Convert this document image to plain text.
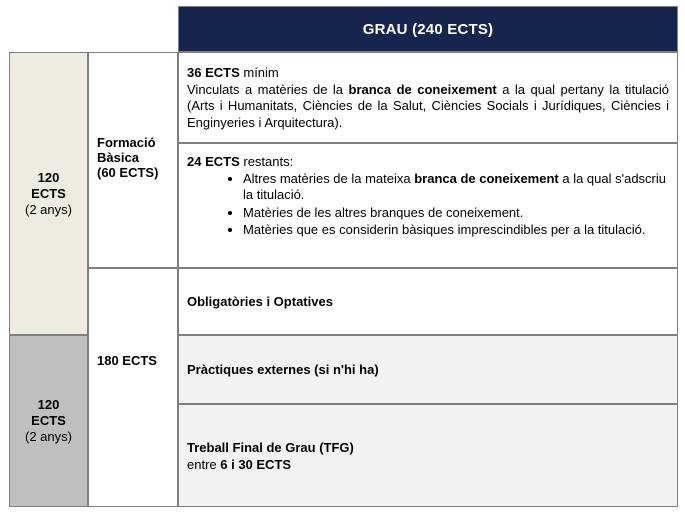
GRAU (240 ECTS)
120
ECTS
(2 anys)
120
ECTS
(2 anys)
Formació
Bàsica
(60 ECTS)
180 ECTS
36 ECTS mínim
Vinculats a matèries de la branca de coneixement a la qual pertany la titulació (Arts i Humanitats, Ciències de la Salut, Ciències Socials i Jurídiques, Ciències i Enginyeries i Arquitectura).
24 ECTS restants:
• Altres matèries de la mateixa branca de coneixement a la qual s'adscriu la titulació.
• Matèries de les altres branques de coneixement.
• Matèries que es considerin bàsiques imprescindibles per a la titulació.
Obligatòries i Optatives
Pràctiques externes (si n'hi ha)
Treball Final de Grau (TFG)
entre 6 i 30 ECTS
